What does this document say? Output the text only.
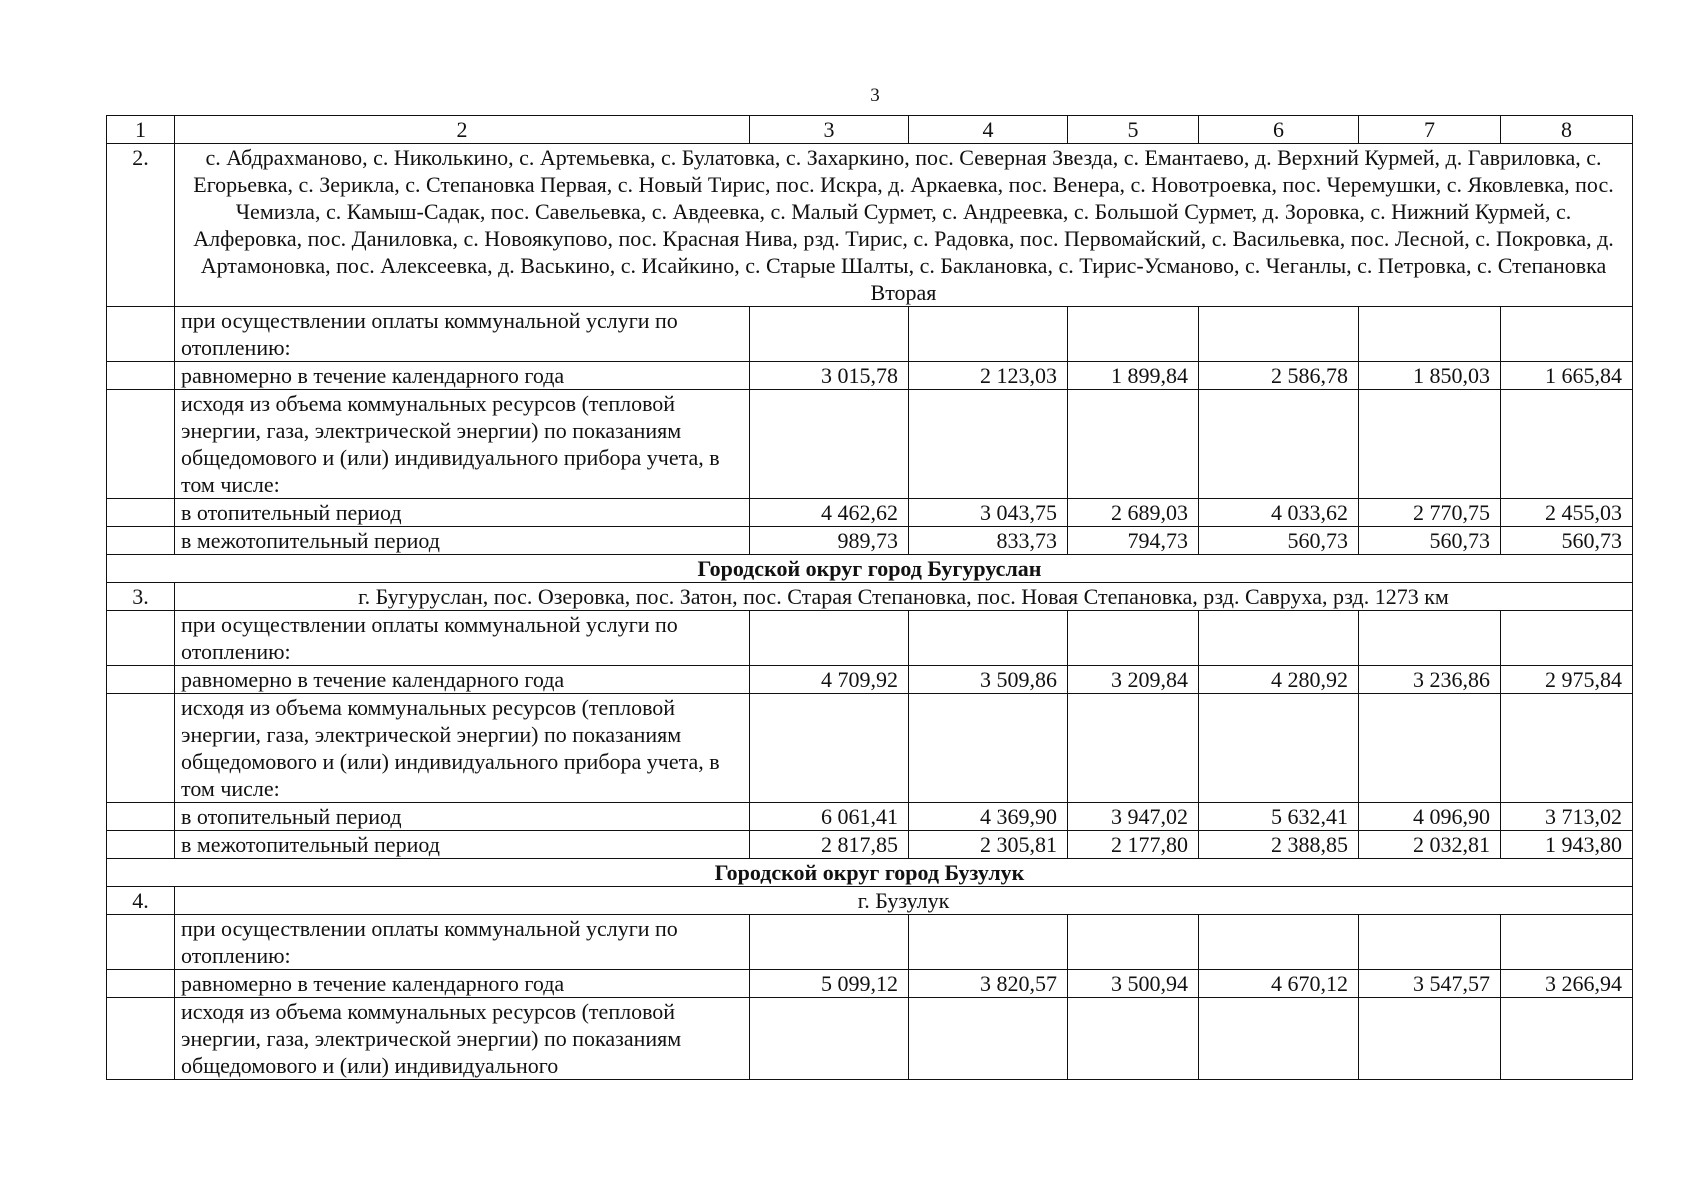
3
1	2	3	4	5	6	7	8
2.	с. Абдрахманово, с. Николькино, с. Артемьевка, с. Булатовка, с. Захаркино, пос. Северная Звезда, с. Емантаево, д. Верхний Курмей, д. Гавриловка, с. Егорьевка, с. Зерикла, с. Степановка Первая, с. Новый Тирис, пос. Искра, д. Аркаевка, пос. Венера, с. Новотроевка, пос. Черемушки, с. Яковлевка, пос. Чемизла, с. Камыш-Садак, пос. Савельевка, с. Авдеевка, с. Малый Сурмет, с. Андреевка, с. Большой Сурмет, д. Зоровка, с. Нижний Курмей, с. Алферовка, пос. Даниловка, с. Новоякупово, пос. Красная Нива, рзд. Тирис, с. Радовка, пос. Первомайский, с. Васильевка, пос. Лесной, с. Покровка, д. Артамоновка, пос. Алексеевка, д. Васькино, с. Исайкино, с. Старые Шалты, с. Баклановка, с. Тирис-Усманово, с. Чеганлы, с. Петровка, с. Степановка Вторая						
	при осуществлении оплаты коммунальной услуги по отоплению:						
	равномерно в течение календарного года	3 015,78	2 123,03	1 899,84	2 586,78	1 850,03	1 665,84
	исходя из объема коммунальных ресурсов (тепловой энергии, газа, электрической энергии) по показаниям общедомового и (или) индивидуального прибора учета, в том числе:						
	в отопительный период	4 462,62	3 043,75	2 689,03	4 033,62	2 770,75	2 455,03
	в межотопительный период	989,73	833,73	794,73	560,73	560,73	560,73
Городской округ город Бугуруслан							
3.	г. Бугуруслан, пос. Озеровка, пос. Затон, пос. Старая Степановка, пос. Новая Степановка, рзд. Савруха, рзд. 1273 км						
	при осуществлении оплаты коммунальной услуги по отоплению:						
	равномерно в течение календарного года	4 709,92	3 509,86	3 209,84	4 280,92	3 236,86	2 975,84
	исходя из объема коммунальных ресурсов (тепловой энергии, газа, электрической энергии) по показаниям общедомового и (или) индивидуального прибора учета, в том числе:						
	в отопительный период	6 061,41	4 369,90	3 947,02	5 632,41	4 096,90	3 713,02
	в межотопительный период	2 817,85	2 305,81	2 177,80	2 388,85	2 032,81	1 943,80
Городской округ город Бузулук							
4.	г. Бузулук						
	при осуществлении оплаты коммунальной услуги по отоплению:						
	равномерно в течение календарного года	5 099,12	3 820,57	3 500,94	4 670,12	3 547,57	3 266,94
	исходя из объема коммунальных ресурсов (тепловой энергии, газа, электрической энергии) по показаниям общедомового и (или) индивидуального						
